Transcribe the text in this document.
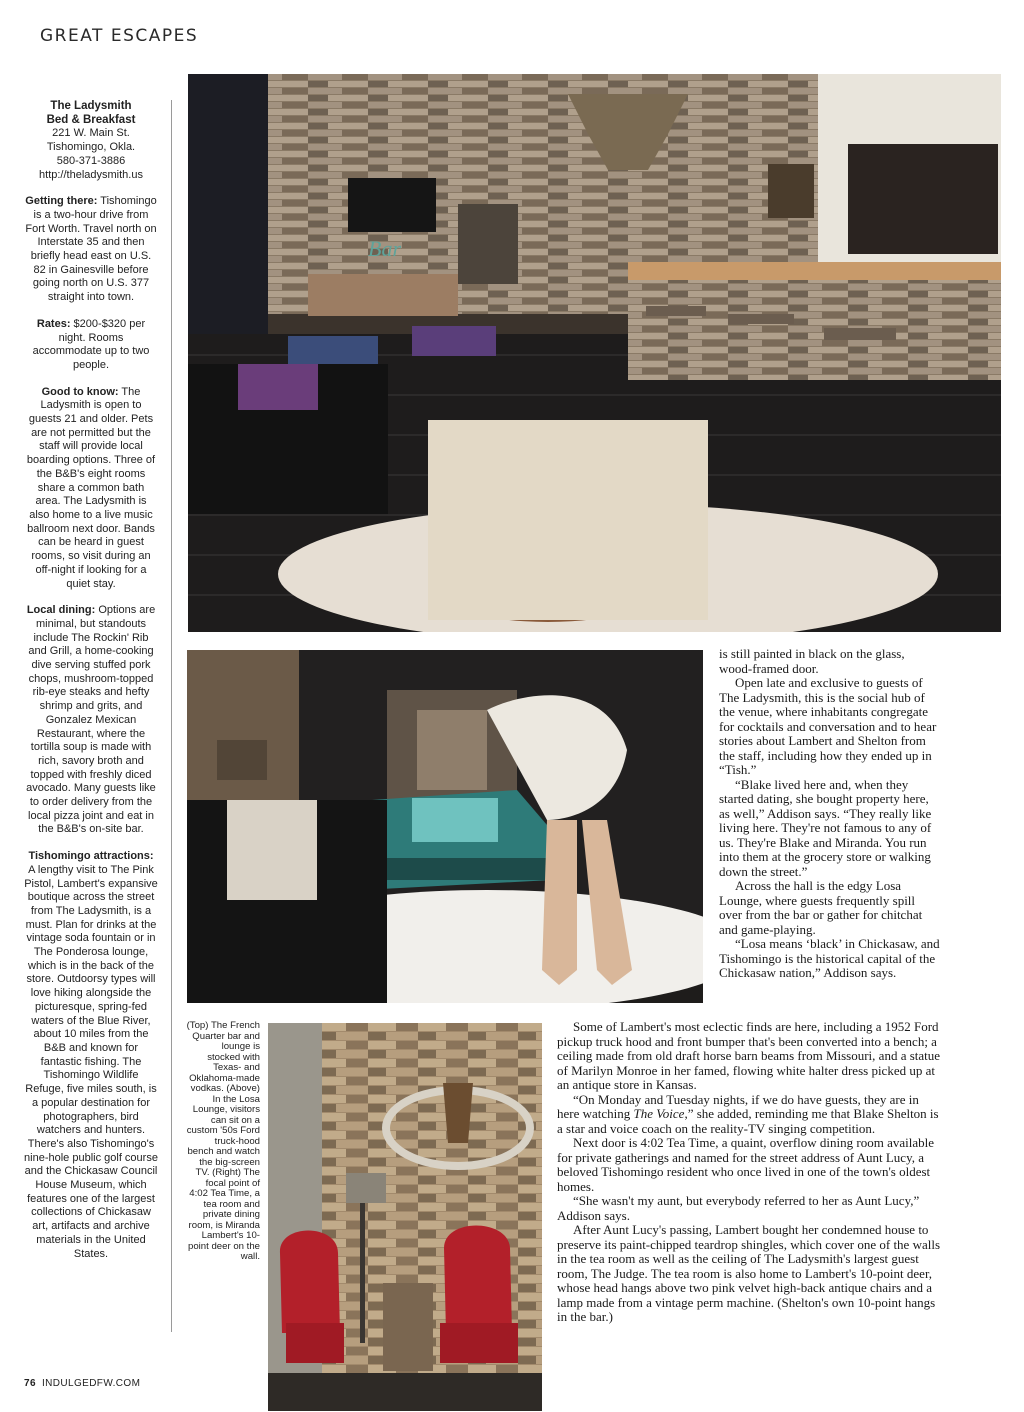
GREAT ESCAPES

The Ladysmith
Bed & Breakfast
221 W. Main St.
Tishomingo, Okla.
580-371-3886
http://theladysmith.us

Getting there: Tishomingo is a two-hour drive from Fort Worth. Travel north on Interstate 35 and then briefly head east on U.S. 82 in Gainesville before going north on U.S. 377 straight into town.

Rates: $200-$320 per night. Rooms accommodate up to two people.

Good to know: The Ladysmith is open to guests 21 and older. Pets are not permitted but the staff will provide local boarding options. Three of the B&B's eight rooms share a common bath area. The Ladysmith is also home to a live music ballroom next door. Bands can be heard in guest rooms, so visit during an off-night if looking for a quiet stay.

Local dining: Options are minimal, but standouts include The Rockin' Rib and Grill, a home-cooking dive serving stuffed pork chops, mushroom-topped rib-eye steaks and hefty shrimp and grits, and Gonzalez Mexican Restaurant, where the tortilla soup is made with rich, savory broth and topped with freshly diced avocado. Many guests like to order delivery from the local pizza joint and eat in the B&B's on-site bar.

Tishomingo attractions: A lengthy visit to The Pink Pistol, Lambert's expansive boutique across the street from The Ladysmith, is a must. Plan for drinks at the vintage soda fountain or in The Ponderosa lounge, which is in the back of the store. Outdoorsy types will love hiking alongside the picturesque, spring-fed waters of the Blue River, about 10 miles from the B&B and known for fantastic fishing. The Tishomingo Wildlife Refuge, five miles south, is a popular destination for photographers, bird watchers and hunters. There's also Tishomingo's nine-hole public golf course and the Chickasaw Council House Museum, which features one of the largest collections of Chickasaw art, artifacts and archive materials in the United States.

Bar
(Top) The French Quarter bar and lounge is stocked with Texas- and Oklahoma-made vodkas. (Above) In the Losa Lounge, visitors can sit on a custom '50s Ford truck-hood bench and watch the big-screen TV. (Right) The focal point of 4:02 Tea Time, a tea room and private dining room, is Miranda Lambert's 10-point deer on the wall.

is still painted in black on the glass, wood-framed door.

Open late and exclusive to guests of The Ladysmith, this is the social hub of the venue, where inhabitants congregate for cocktails and conversation and to hear stories about Lambert and Shelton from the staff, including how they ended up in “Tish.”

“Blake lived here and, when they started dating, she bought property here, as well,” Addison says. “They really like living here. They're not famous to any of us. They're Blake and Miranda. You run into them at the grocery store or walking down the street.”

Across the hall is the edgy Losa Lounge, where guests frequently spill over from the bar or gather for chitchat and game-playing.

“Losa means ‘black’ in Chickasaw, and Tishomingo is the historical capital of the Chickasaw nation,” Addison says.

Some of Lambert's most eclectic finds are here, including a 1952 Ford pickup truck hood and front bumper that's been converted into a bench; a ceiling made from old draft horse barn beams from Missouri, and a statue of Marilyn Monroe in her famed, flowing white halter dress picked up at an antique store in Kansas.

“On Monday and Tuesday nights, if we do have guests, they are in here watching The Voice,” she added, reminding me that Blake Shelton is a star and voice coach on the reality-TV singing competition.

Next door is 4:02 Tea Time, a quaint, overflow dining room available for private gatherings and named for the street address of Aunt Lucy, a beloved Tishomingo resident who once lived in one of the town's oldest homes.

“She wasn't my aunt, but everybody referred to her as Aunt Lucy,” Addison says.

After Aunt Lucy's passing, Lambert bought her condemned house to preserve its paint-chipped teardrop shingles, which cover one of the walls in the tea room as well as the ceiling of The Ladysmith's largest guest room, The Judge. The tea room is also home to Lambert's 10-point deer, whose head hangs above two pink velvet high-back antique chairs and a lamp made from a vintage perm machine. (Shelton's own 10-point hangs in the bar.)

76 INDULGEDFW.COM
